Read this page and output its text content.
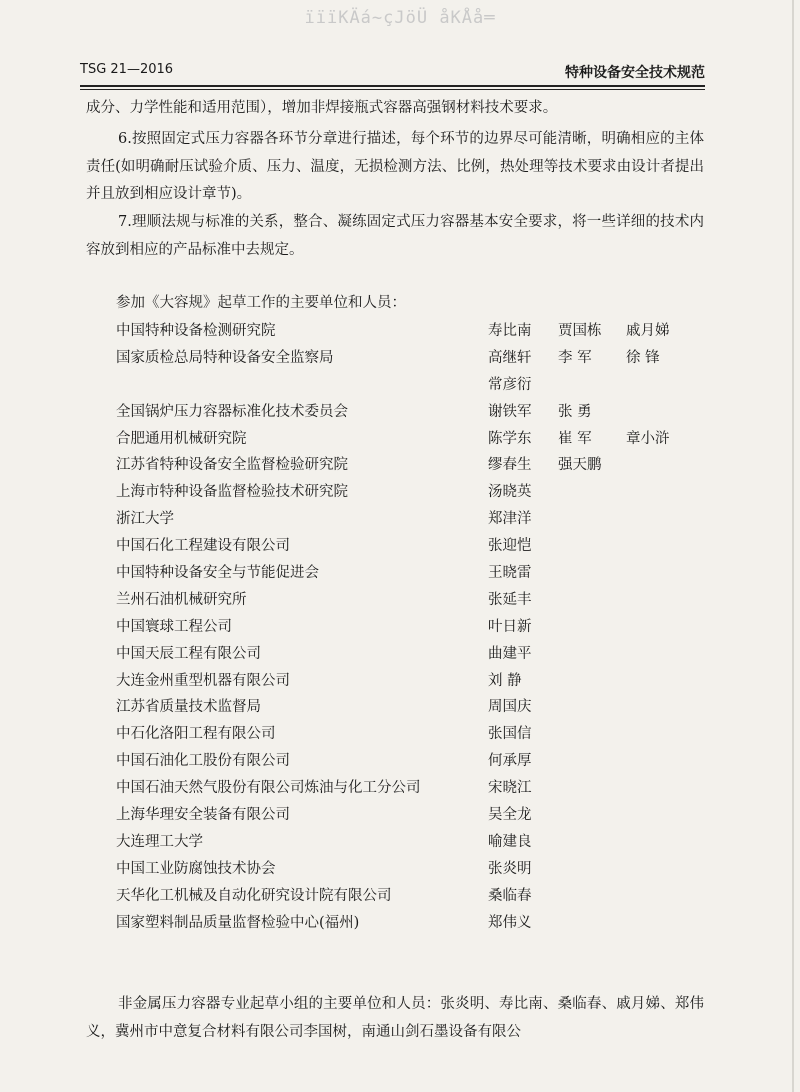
ïïïKÄá~çJöÜ åKÅå═
TSG 21—2016	特种设备安全技术规范
成分、力学性能和适用范围），增加非焊接瓶式容器高强钢材料技术要求。
6.按照固定式压力容器各环节分章进行描述，每个环节的边界尽可能清晰，明确相应的主体责任(如明确耐压试验介质、压力、温度，无损检测方法、比例，热处理等技术要求由设计者提出并且放到相应设计章节)。
7.理顺法规与标准的关系，整合、凝练固定式压力容器基本安全要求，将一些详细的技术内容放到相应的产品标准中去规定。
参加《大容规》起草工作的主要单位和人员：
中国特种设备检测研究院	寿比南 贾国栋 戚月娣
国家质检总局特种设备安全监察局	高继轩 李 军 徐 锋
常彦衍
全国锅炉压力容器标准化技术委员会	谢铁军 张 勇
合肥通用机械研究院	陈学东 崔 军 章小浒
江苏省特种设备安全监督检验研究院	缪春生 强天鹏
上海市特种设备监督检验技术研究院	汤晓英
浙江大学	郑津洋
中国石化工程建设有限公司	张迎恺
中国特种设备安全与节能促进会	王晓雷
兰州石油机械研究所	张延丰
中国寰球工程公司	叶日新
中国天辰工程有限公司	曲建平
大连金州重型机器有限公司	刘 静
江苏省质量技术监督局	周国庆
中石化洛阳工程有限公司	张国信
中国石油化工股份有限公司	何承厚
中国石油天然气股份有限公司炼油与化工分公司	宋晓江
上海华理安全装备有限公司	吴全龙
大连理工大学	喻建良
中国工业防腐蚀技术协会	张炎明
天华化工机械及自动化研究设计院有限公司	桑临春
国家塑料制品质量监督检验中心(福州)	郑伟义
非金属压力容器专业起草小组的主要单位和人员：张炎明、寿比南、桑临春、戚月娣、郑伟义，冀州市中意复合材料有限公司李国树，南通山剑石墨设备有限公
